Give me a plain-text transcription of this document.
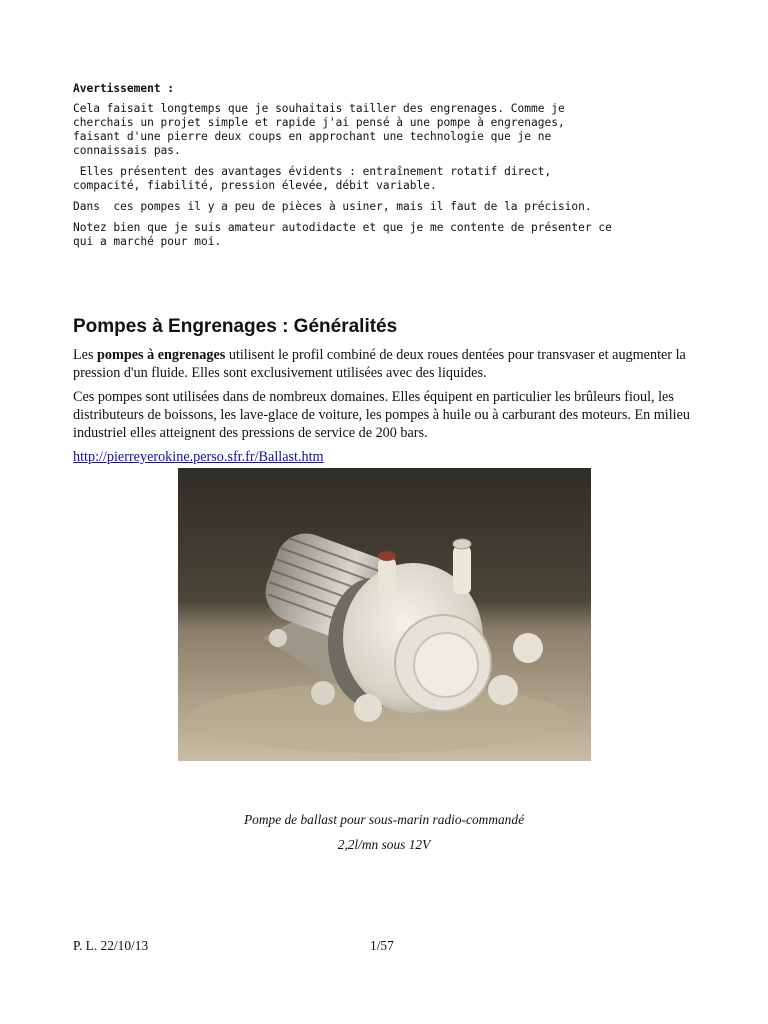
Avertissement :

Cela faisait longtemps que je souhaitais tailler des engrenages. Comme je
cherchais un projet simple et rapide j'ai pensé à une pompe à engrenages,
faisant d'une pierre deux coups en approchant une technologie que je ne
connaissais pas.

Elles présentent des avantages évidents : entraînement rotatif direct,
compacité, fiabilité, pression élevée, débit variable.

Dans  ces pompes il y a peu de pièces à usiner, mais il faut de la précision.

Notez bien que je suis amateur autodidacte et que je me contente de présenter ce
qui a marché pour moi.

Pompes à Engrenages : Généralités

Les pompes à engrenages utilisent le profil combiné de deux roues dentées pour transvaser et augmenter la pression d'un fluide. Elles sont exclusivement utilisées avec des liquides.

Ces pompes sont utilisées dans de nombreux domaines. Elles équipent en particulier les brûleurs fioul, les distributeurs de boissons, les lave-glace de voiture, les pompes à huile ou à carburant des moteurs. En milieu industriel elles atteignent des pressions de service de 200 bars.

http://pierreyerokine.perso.sfr.fr/Ballast.htm
Pompe de ballast pour sous-marin radio-commandé
2,2l/mn sous 12V
P. L. 22/10/13	1/57
